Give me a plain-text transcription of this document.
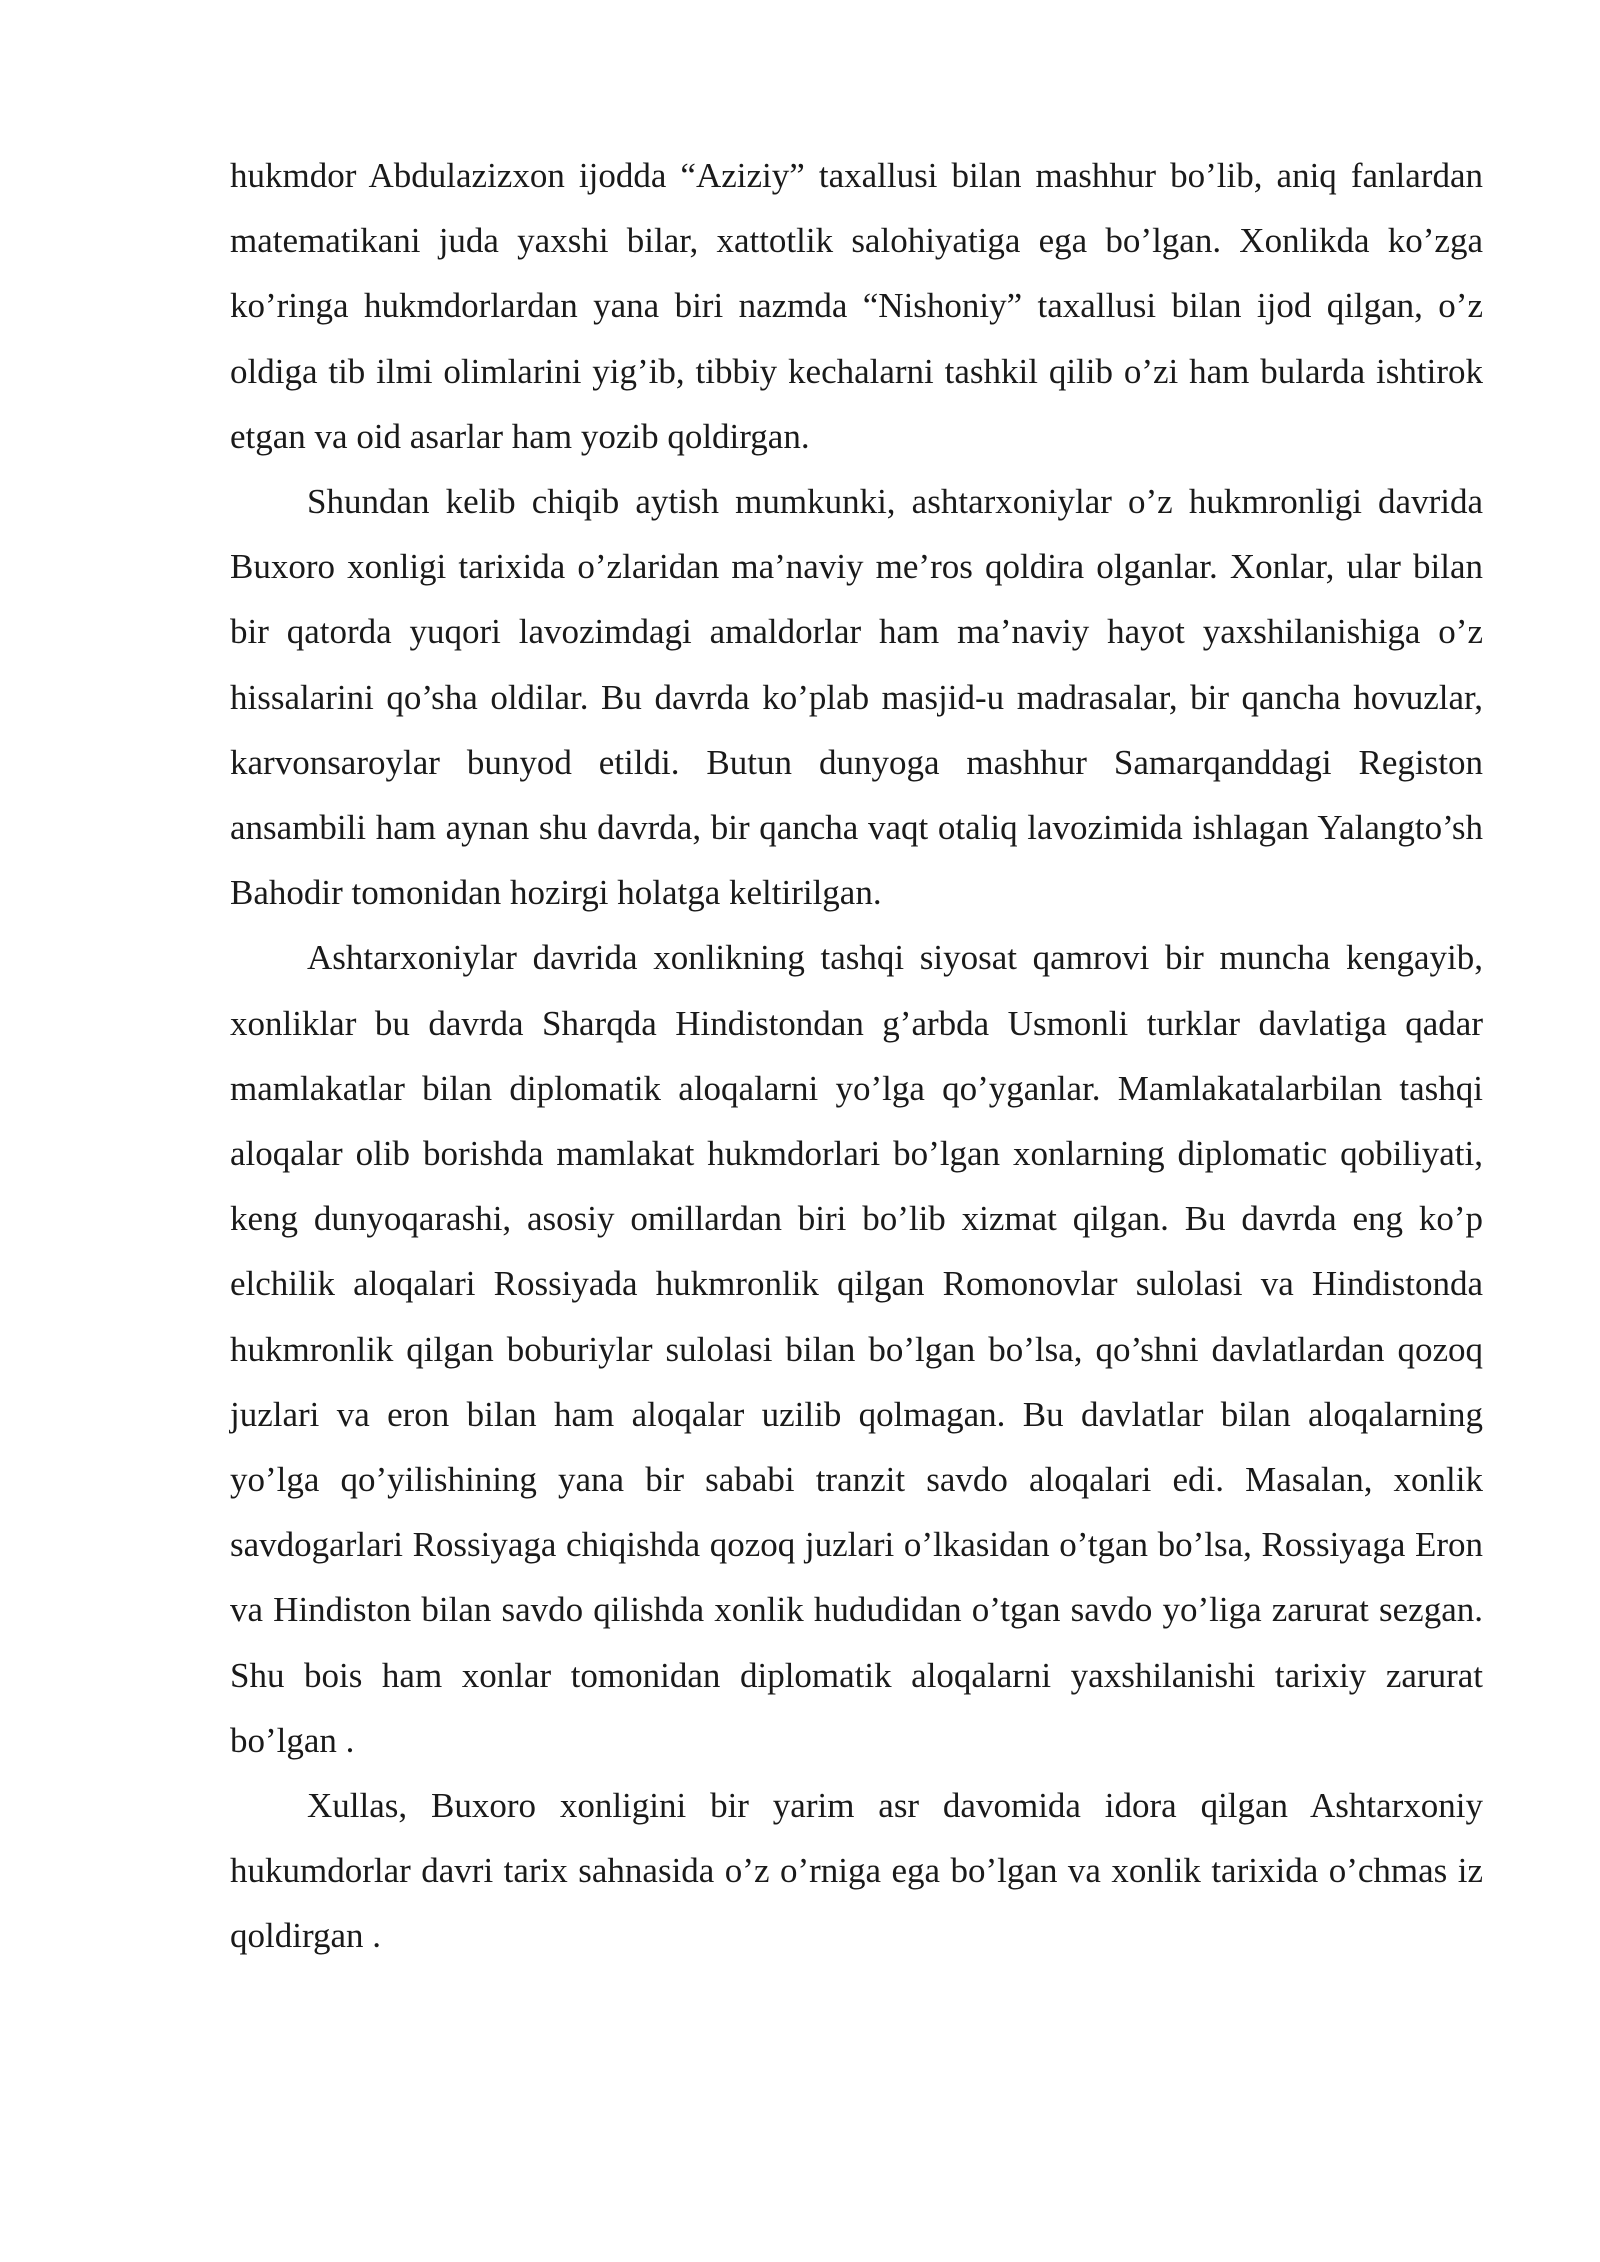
hukmdor Abdulazizxon ijodda “Aziziy” taxallusi bilan mashhur bo’lib, aniq fanlardan matematikani juda yaxshi bilar, xattotlik salohiyatiga ega bo’lgan. Xonlikda ko’zga ko’ringa hukmdorlardan yana biri nazmda “Nishoniy” taxallusi bilan ijod qilgan, o’z oldiga tib ilmi olimlarini yig’ib, tibbiy kechalarni tashkil qilib o’zi ham bularda ishtirok etgan va oid asarlar ham yozib qoldirgan.

Shundan kelib chiqib aytish mumkunki, ashtarxoniylar o’z hukmronligi davrida Buxoro xonligi tarixida o’zlaridan ma’naviy me’ros qoldira olganlar. Xonlar, ular bilan bir qatorda yuqori lavozimdagi amaldorlar ham ma’naviy hayot yaxshilanishiga o’z hissalarini qo’sha oldilar. Bu davrda ko’plab masjid-u madrasalar, bir qancha hovuzlar, karvonsaroylar bunyod etildi. Butun dunyoga mashhur Samarqanddagi Registon ansambili ham aynan shu davrda, bir qancha vaqt otaliq lavozimida ishlagan Yalangto’sh Bahodir tomonidan hozirgi holatga keltirilgan.

Ashtarxoniylar davrida xonlikning tashqi siyosat qamrovi bir muncha kengayib, xonliklar bu davrda Sharqda Hindistondan g’arbda Usmonli turklar davlatiga qadar mamlakatlar bilan diplomatik aloqalarni yo’lga qo’yganlar. Mamlakatalarbilan tashqi aloqalar olib borishda mamlakat hukmdorlari bo’lgan xonlarning diplomatic qobiliyati, keng dunyoqarashi, asosiy omillardan biri bo’lib xizmat qilgan. Bu davrda eng ko’p elchilik aloqalari Rossiyada hukmronlik qilgan Romonovlar sulolasi va Hindistonda hukmronlik qilgan boburiylar sulolasi bilan bo’lgan bo’lsa, qo’shni davlatlardan qozoq juzlari va eron bilan ham aloqalar uzilib qolmagan. Bu davlatlar bilan aloqalarning yo’lga qo’yilishining yana bir sababi tranzit savdo aloqalari edi. Masalan, xonlik savdogarlari Rossiyaga chiqishda qozoq juzlari o’lkasidan o’tgan bo’lsa, Rossiyaga Eron va Hindiston bilan savdo qilishda xonlik hududidan o’tgan savdo yo’liga zarurat sezgan. Shu bois ham xonlar tomonidan diplomatik aloqalarni yaxshilanishi tarixiy zarurat bo’lgan .

Xullas, Buxoro xonligini bir yarim asr davomida idora qilgan Ashtarxoniy hukumdorlar davri tarix sahnasida o’z o’rniga ega bo’lgan va xonlik tarixida o’chmas iz qoldirgan .
